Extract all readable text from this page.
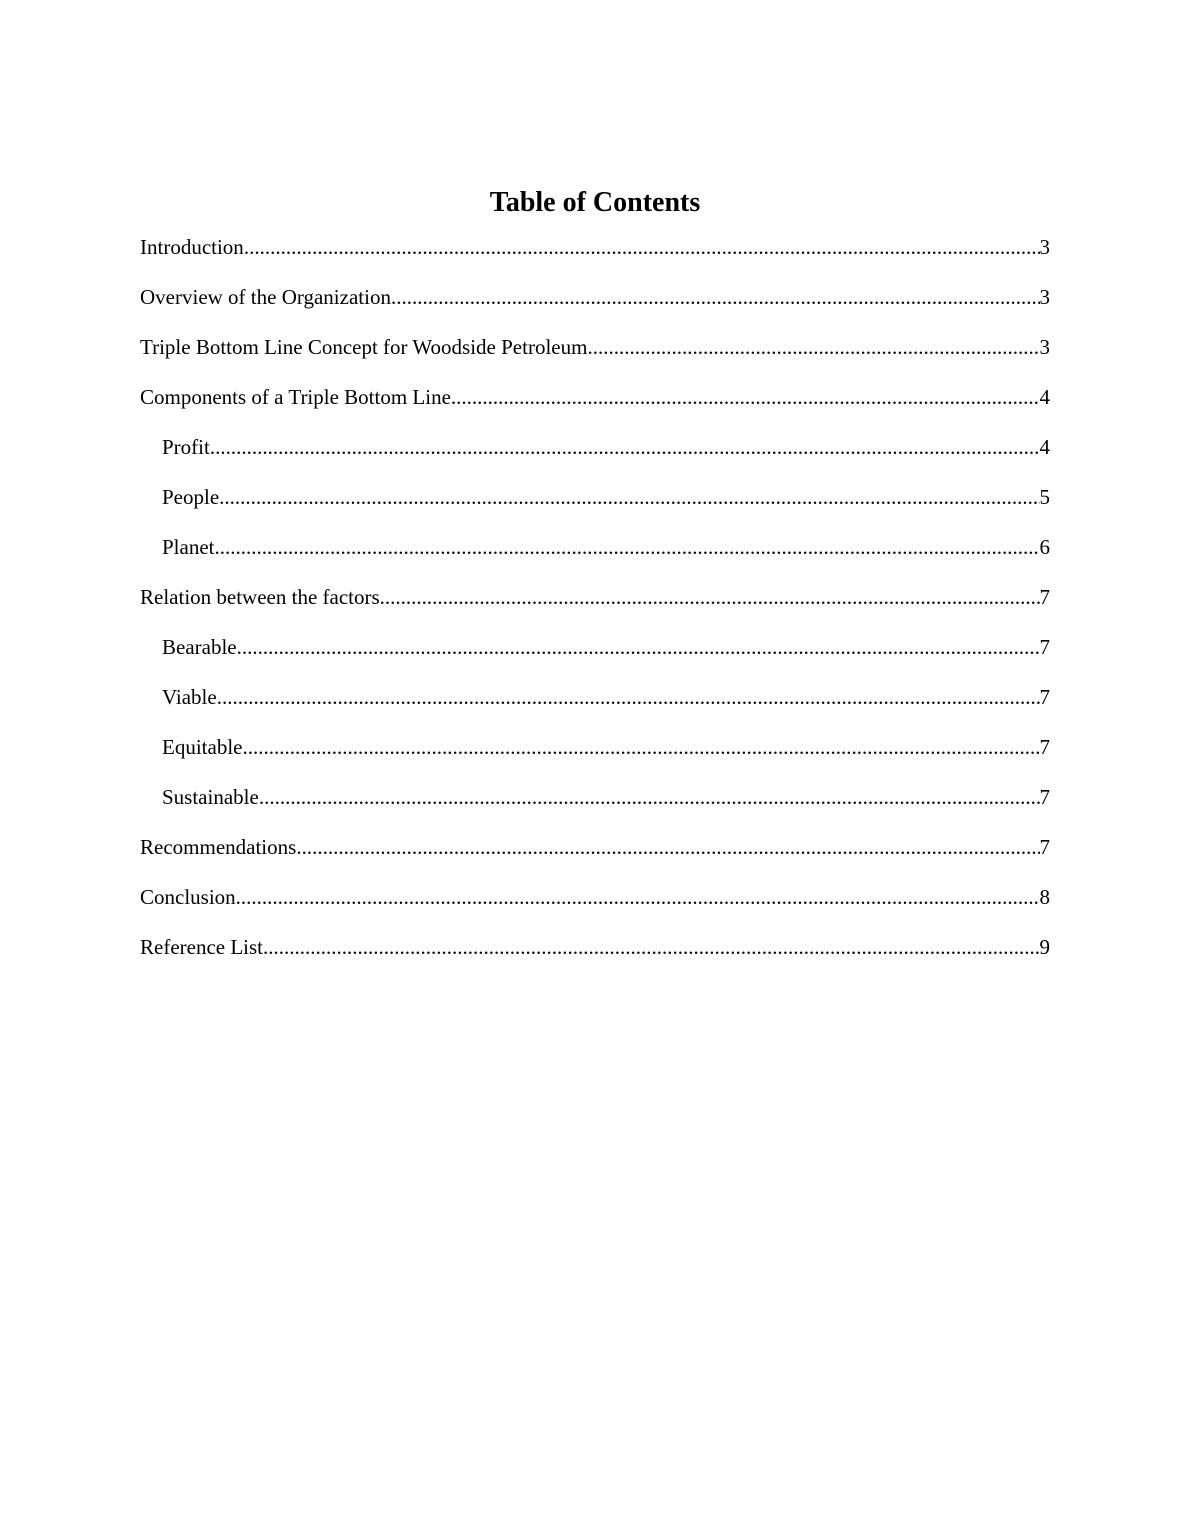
Table of Contents
Introduction .....	3
Overview of the Organization .....	3
Triple Bottom Line Concept for Woodside Petroleum .....	3
Components of a Triple Bottom Line .....	4
Profit .....	4
People .....	5
Planet .....	6
Relation between the factors .....	7
Bearable .....	7
Viable .....	7
Equitable .....	7
Sustainable .....	7
Recommendations .....	7
Conclusion .....	8
Reference List .....	9
